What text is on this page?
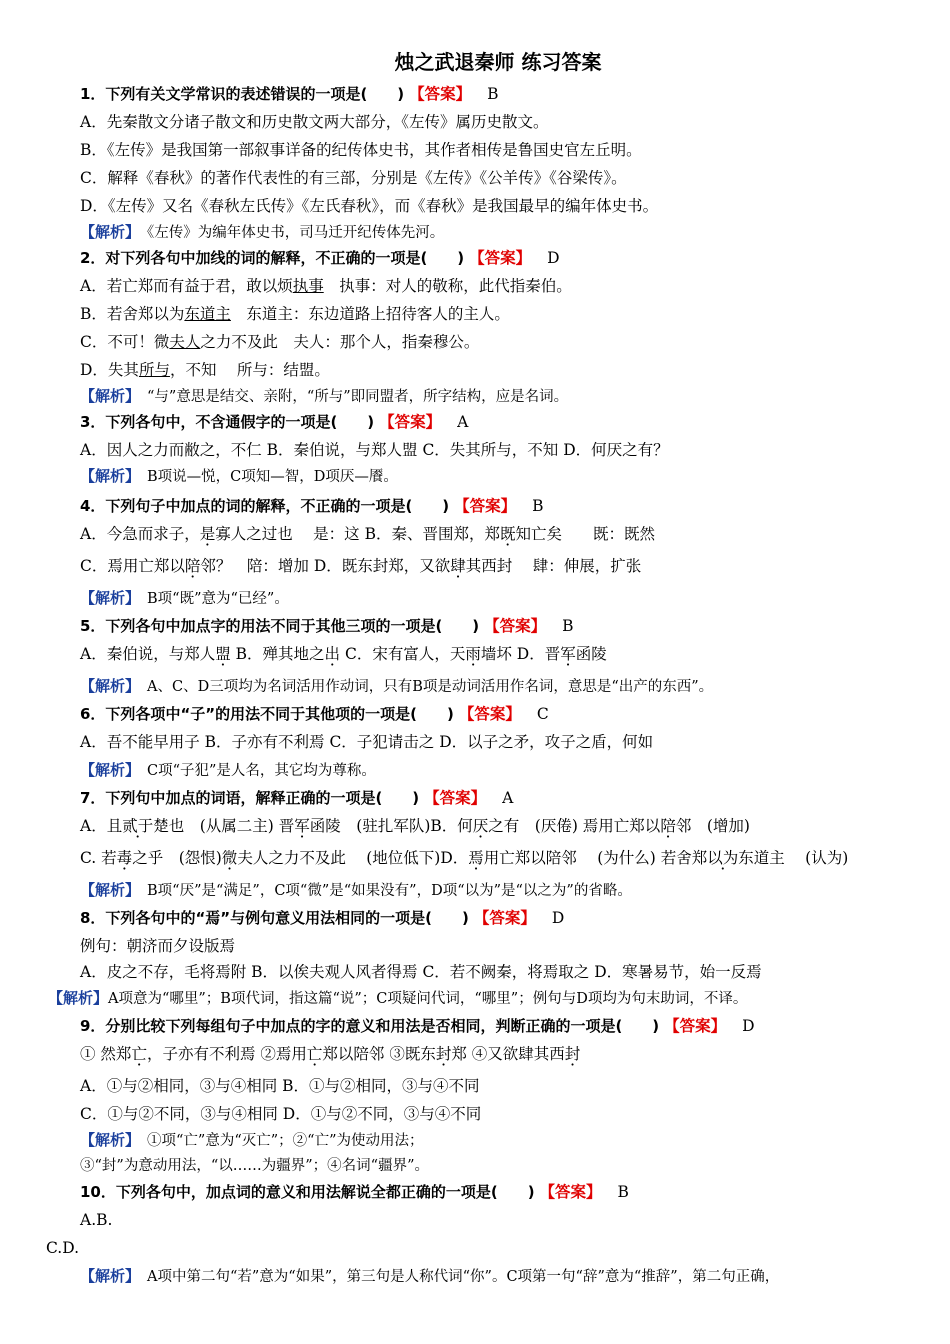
烛之武退秦师 练习答案
1．下列有关文学常识的表述错误的一项是(　　) 【答案】 B
A．先秦散文分诸子散文和历史散文两大部分，《左传》属历史散文。
B．《左传》是我国第一部叙事详备的纪传体史书，其作者相传是鲁国史官左丘明。
C．解释《春秋》的著作代表性的有三部，分别是《左传》《公羊传》《谷梁传》。
D．《左传》又名《春秋左氏传》《左氏春秋》，而《春秋》是我国最早的编年体史书。
【解析】　《左传》为编年体史书，司马迁开纪传体先河。
2．对下列各句中加线的词的解释，不正确的一项是(　　) 【答案】 D
A．若亡郑而有益于君，敢以烦执事　执事：对人的敬称，此代指秦伯。
B．若舍郑以为东道主　东道主：东边道路上招待客人的主人。
C．不可！微夫人之力不及此　夫人：那个人，指秦穆公。
D．失其所与，不知　 所与：结盟。
【解析】　“与”意思是结交、亲附，“所与”即同盟者，所字结构，应是名词。
3．下列各句中，不含通假字的一项是(　　) 【答案】 A
A．因人之力而敝之，不仁 B．秦伯说，与郑人盟 C．失其所与，不知 D．何厌之有？
【解析】　B项说—悦，C项知—智，D项厌—餍。
4．下列句子中加点的词的解释，不正确的一项是(　　) 【答案】 B
A．今急而求子，是寡人之过也　 是：这 B．秦、晋围郑，郑既知亡矣　　既：既然
C．焉用亡郑以陪邻？　陪：增加 D．既东封郑，又欲肆其西封　 肆：伸展，扩张
【解析】　B项“既”意为“已经”。
5．下列各句中加点字的用法不同于其他三项的一项是(　　) 【答案】 B
A．秦伯说，与郑人盟 B．殚其地之出 C．宋有富人，天雨墙坏 D．晋军函陵
【解析】　A、C、D三项均为名词活用作动词，只有B项是动词活用作名词，意思是“出产的东西”。
6．下列各项中“子”的用法不同于其他项的一项是(　　) 【答案】 C
A．吾不能早用子 B．子亦有不利焉 C．子犯请击之 D．以子之矛，攻子之盾，何如
【解析】　C项“子犯”是人名，其它均为尊称。
7．下列句中加点的词语，解释正确的一项是(　　) 【答案】 A
A．且贰于楚也　(从属二主) 晋军函陵　(驻扎军队)B．何厌之有　(厌倦) 焉用亡郑以陪邻　(增加)
C. 若毒之乎　(怨恨)微夫人之力不及此　 (地位低下)D．焉用亡郑以陪邻　 (为什么) 若舍郑以为东道主　 (认为)
【解析】　B项“厌”是“满足”，C项“微”是“如果没有”，D项“以为”是“以之为”的省略。
8．下列各句中的“焉”与例句意义用法相同的一项是(　　) 【答案】 D
例句：朝济而夕设版焉
A．皮之不存，毛将焉附 B．以俟夫观人风者得焉 C．若不阙秦，将焉取之 D．寒暑易节，始一反焉
【解析】A项意为“哪里”；B项代词，指这篇“说”；C项疑问代词，“哪里”；例句与D项均为句末助词，不译。
9．分别比较下列每组句子中加点的字的意义和用法是否相同，判断正确的一项是(　　) 【答案】 D
① 然郑亡，子亦有不利焉 ②焉用亡郑以陪邻 ③既东封郑 ④又欲肆其西封
A．①与②相同，③与④相同 B．①与②相同，③与④不同
C．①与②不同，③与④相同 D．①与②不同，③与④不同
【解析】　①项“亡”意为“灭亡”；②“亡”为使动用法；
③“封”为意动用法，“以……为疆界”；④名词“疆界”。
10．下列各句中，加点词的意义和用法解说全都正确的一项是(　　) 【答案】 B
A.B.
C.D.
【解析】　A项中第二句“若”意为“如果”，第三句是人称代词“你”。C项第一句“辞”意为“推辞”，第二句正确，
